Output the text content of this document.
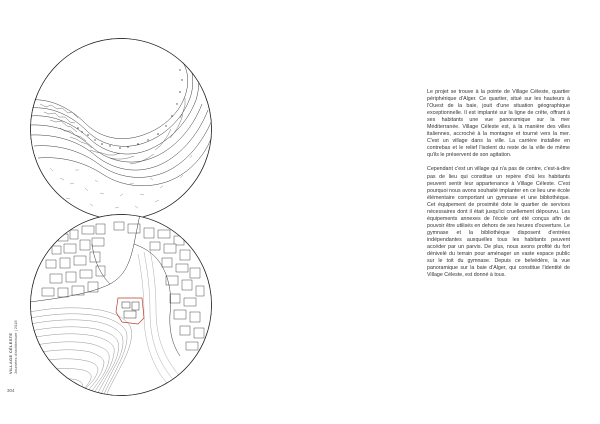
VILLAGE CÉLESTE Journées d'architecture | 2018
304

Le projet se trouve à la pointe de Village Céleste, quartier périphérique d'Alger. Ce quartier, situé sur les hauteurs à l'Ouest de la baie, jouit d'une situation géographique exceptionnelle. Il est implanté sur la ligne de crête, offrant à ses habitants une vue panoramique sur la mer Méditerranée. Village Céleste est, à la manière des villes italiennes, accroché à la montagne et tourné vers la mer. C'est un village dans la ville. La carrière installée en contrebas et le relief l'isolent du reste de la ville de même qu'ils le préservent de son agitation.

Cependant c'est un village qui n'a pas de centre, c'est-à-dire pas de lieu qui constitue un repère d'où les habitants peuvent sentir leur appartenance à Village Céleste. C'est pourquoi nous avons souhaité implanter en ce lieu une école élémentaire comportant un gymnase et une bibliothèque. Cet équipement de proximité dote le quartier de services nécessaires dont il était jusqu'ici cruellement dépourvu. Les équipements annexes de l'école ont été conçus afin de pouvoir être utilisés en dehors de ses heures d'ouverture. Le gymnase et la bibliothèque disposent d'entrées indépendantes auxquelles tous les habitants peuvent accéder par un parvis. De plus, nous avons profité du fort dénivelé du terrain pour aménager un vaste espace public sur le toit du gymnase. Depuis ce belvédère, la vue panoramique sur la baie d'Alger, qui constitue l'identité de Village Céleste, est donné à tous.
